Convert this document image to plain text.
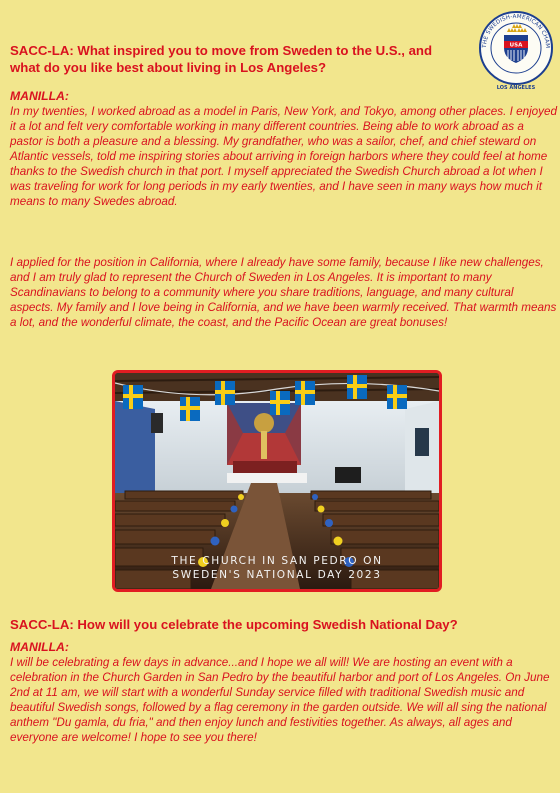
THE SWEDISH-AMERICAN CHAM
USA
LOS ANGELES
SACC-LA: What inspired you to move from Sweden to the U.S., and what do you like best about living in Los Angeles?
MANILLA:

In my twenties, I worked abroad as a model in Paris, New York, and Tokyo, among other places. I enjoyed it a lot and felt very comfortable working in many different countries. Being able to work abroad as a pastor is both a pleasure and a blessing. My grandfather, who was a sailor, chef, and chief steward on Atlantic vessels, told me inspiring stories about arriving in foreign harbors where they could feel at home thanks to the Swedish church in that port. I myself appreciated the Swedish Church abroad a lot when I was traveling for work for long periods in my early twenties, and I have seen in many ways how much it means to many Swedes abroad.

I applied for the position in California, where I already have some family, because I like new challenges, and I am truly glad to represent the Church of Sweden in Los Angeles. It is important to many Scandinavians to belong to a community where you share traditions, language, and many cultural aspects. My family and I love being in California, and we have been warmly received. That warmth means a lot, and the wonderful climate, the coast, and the Pacific Ocean are great bonuses!

THE CHURCH IN SAN PEDRO ON
SWEDEN'S NATIONAL DAY 2023
SACC-LA: How will you celebrate the upcoming Swedish National Day?
MANILLA:

I will be celebrating a few days in advance...and I hope we all will! We are hosting an event with a celebration in the Church Garden in San Pedro by the beautiful harbor and port of Los Angeles. On June 2nd at 11 am, we will start with a wonderful Sunday service filled with traditional Swedish music and beautiful Swedish songs, followed by a flag ceremony in the garden outside. We will all sing the national anthem "Du gamla, du fria," and then enjoy lunch and festivities together. As always, all ages and everyone are welcome! I hope to see you there!
